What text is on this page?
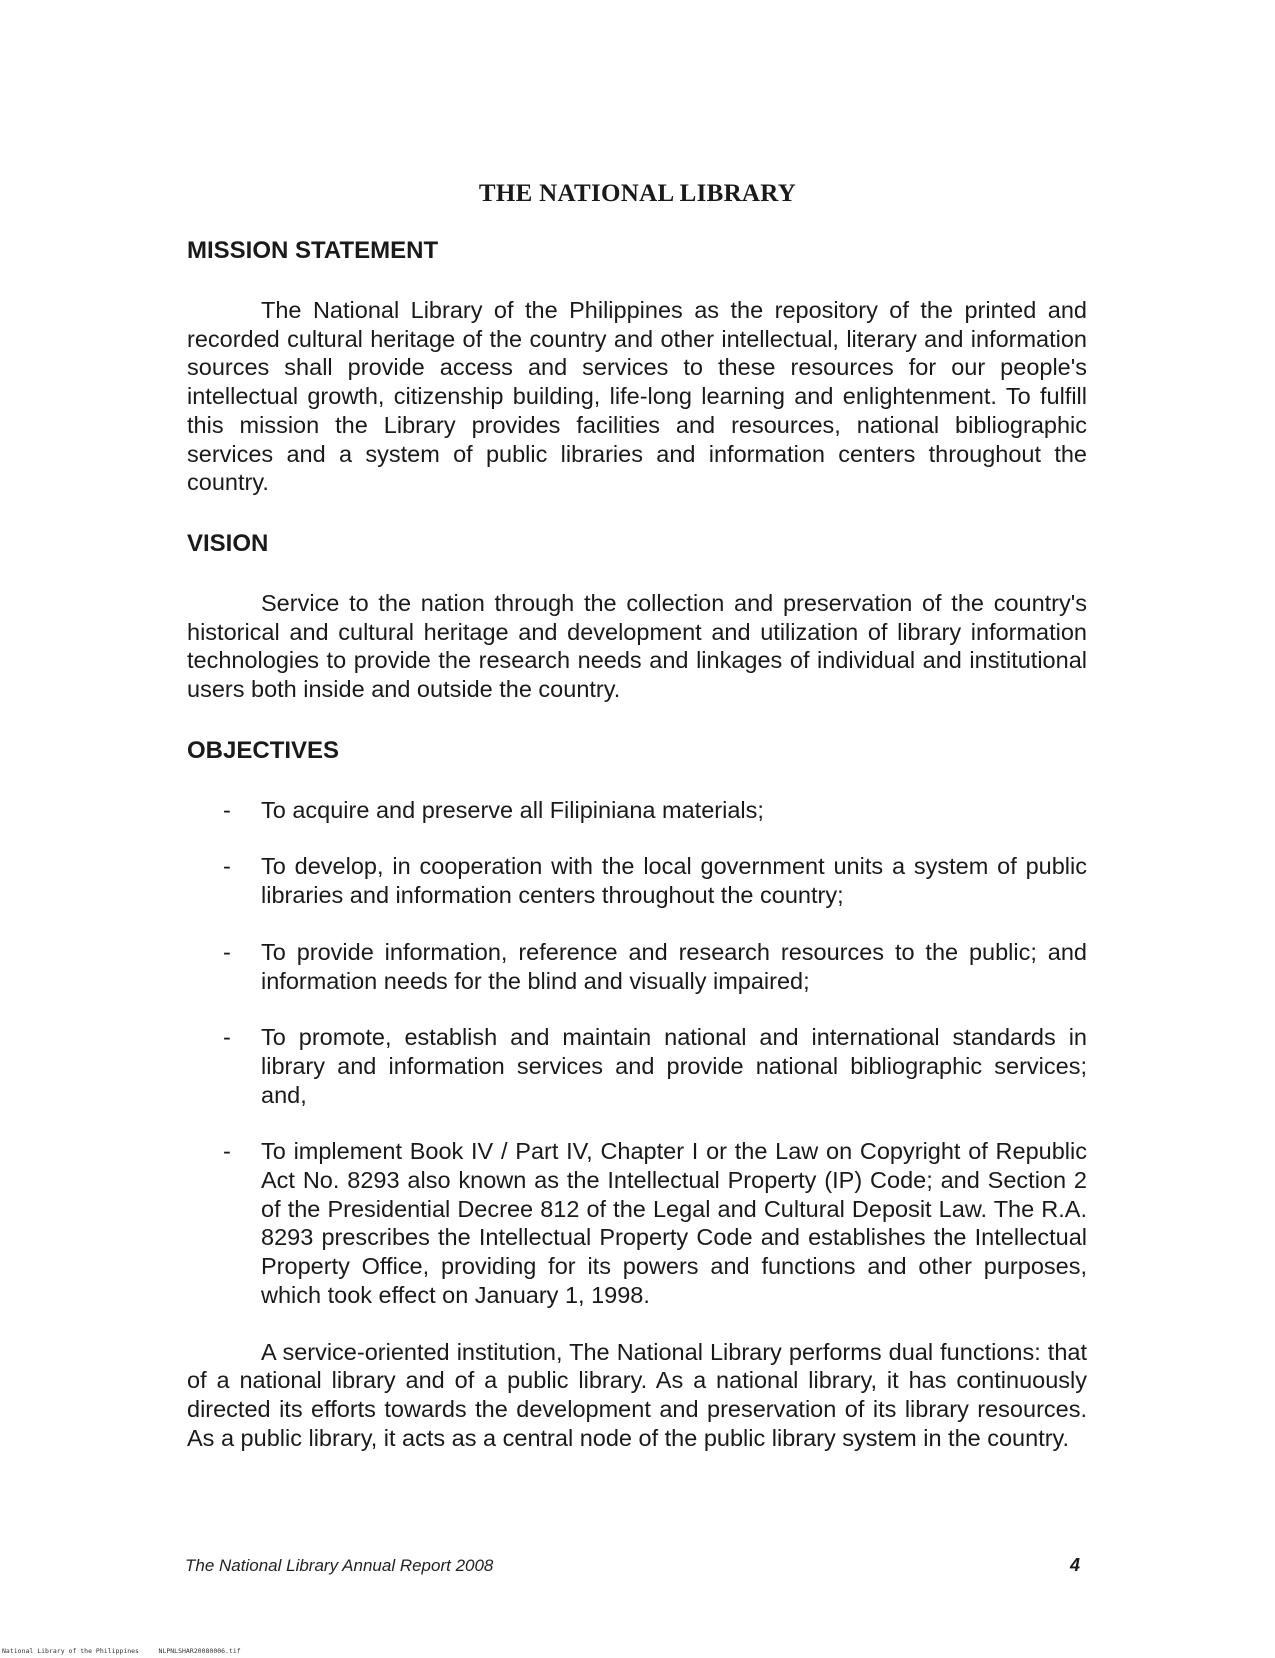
THE NATIONAL LIBRARY
MISSION STATEMENT

The National Library of the Philippines as the repository of the printed and recorded cultural heritage of the country and other intellectual, literary and information sources shall provide access and services to these resources for our people's intellectual growth, citizenship building, life-long learning and enlightenment. To fulfill this mission the Library provides facilities and resources, national bibliographic services and a system of public libraries and information centers throughout the country.

VISION

Service to the nation through the collection and preservation of the country's historical and cultural heritage and development and utilization of library information technologies to provide the research needs and linkages of individual and institutional users both inside and outside the country.

OBJECTIVES
- To acquire and preserve all Filipiniana materials;
- To develop, in cooperation with the local government units a system of public libraries and information centers throughout the country;
- To provide information, reference and research resources to the public; and information needs for the blind and visually impaired;
- To promote, establish and maintain national and international standards in library and information services and provide national bibliographic services; and,
- To implement Book IV / Part IV, Chapter I or the Law on Copyright of Republic Act No. 8293 also known as the Intellectual Property (IP) Code; and Section 2 of the Presidential Decree 812 of the Legal and Cultural Deposit Law. The R.A. 8293 prescribes the Intellectual Property Code and establishes the Intellectual Property Office, providing for its powers and functions and other purposes, which took effect on January 1, 1998.

A service-oriented institution, The National Library performs dual functions: that of a national library and of a public library. As a national library, it has continuously directed its efforts towards the development and preservation of its library resources. As a public library, it acts as a central node of the public library system in the country.

The National Library Annual Report 2008	4
National Library of the Philippines     NLPNLSHAR20080006.tif
